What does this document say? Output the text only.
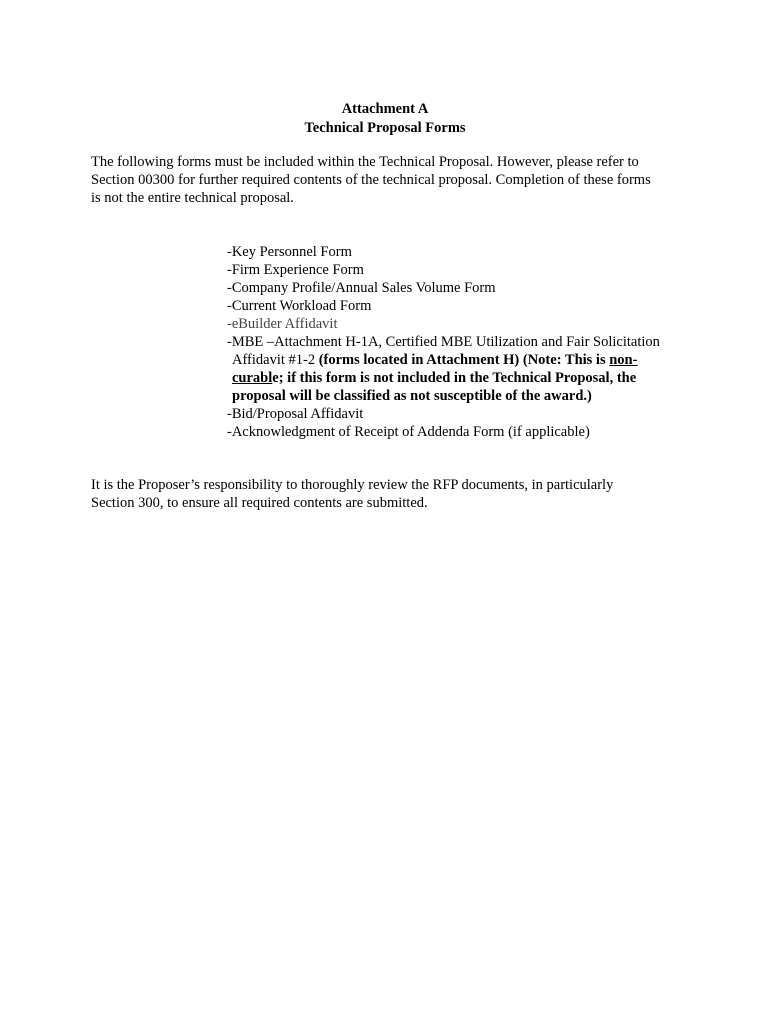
Attachment A
Technical Proposal Forms
The following forms must be included within the Technical Proposal. However, please refer to
Section 00300 for further required contents of the technical proposal. Completion of these forms
is not the entire technical proposal.
-Key Personnel Form
-Firm Experience Form
-Company Profile/Annual Sales Volume Form
-Current Workload Form
-eBuilder Affidavit
-MBE –Attachment H-1A, Certified MBE Utilization and Fair Solicitation
Affidavit #1-2 (forms located in Attachment H) (Note: This is non-
curable; if this form is not included in the Technical Proposal, the
proposal will be classified as not susceptible of the award.)
-Bid/Proposal Affidavit
-Acknowledgment of Receipt of Addenda Form (if applicable)
It is the Proposer’s responsibility to thoroughly review the RFP documents, in particularly
Section 300, to ensure all required contents are submitted.
